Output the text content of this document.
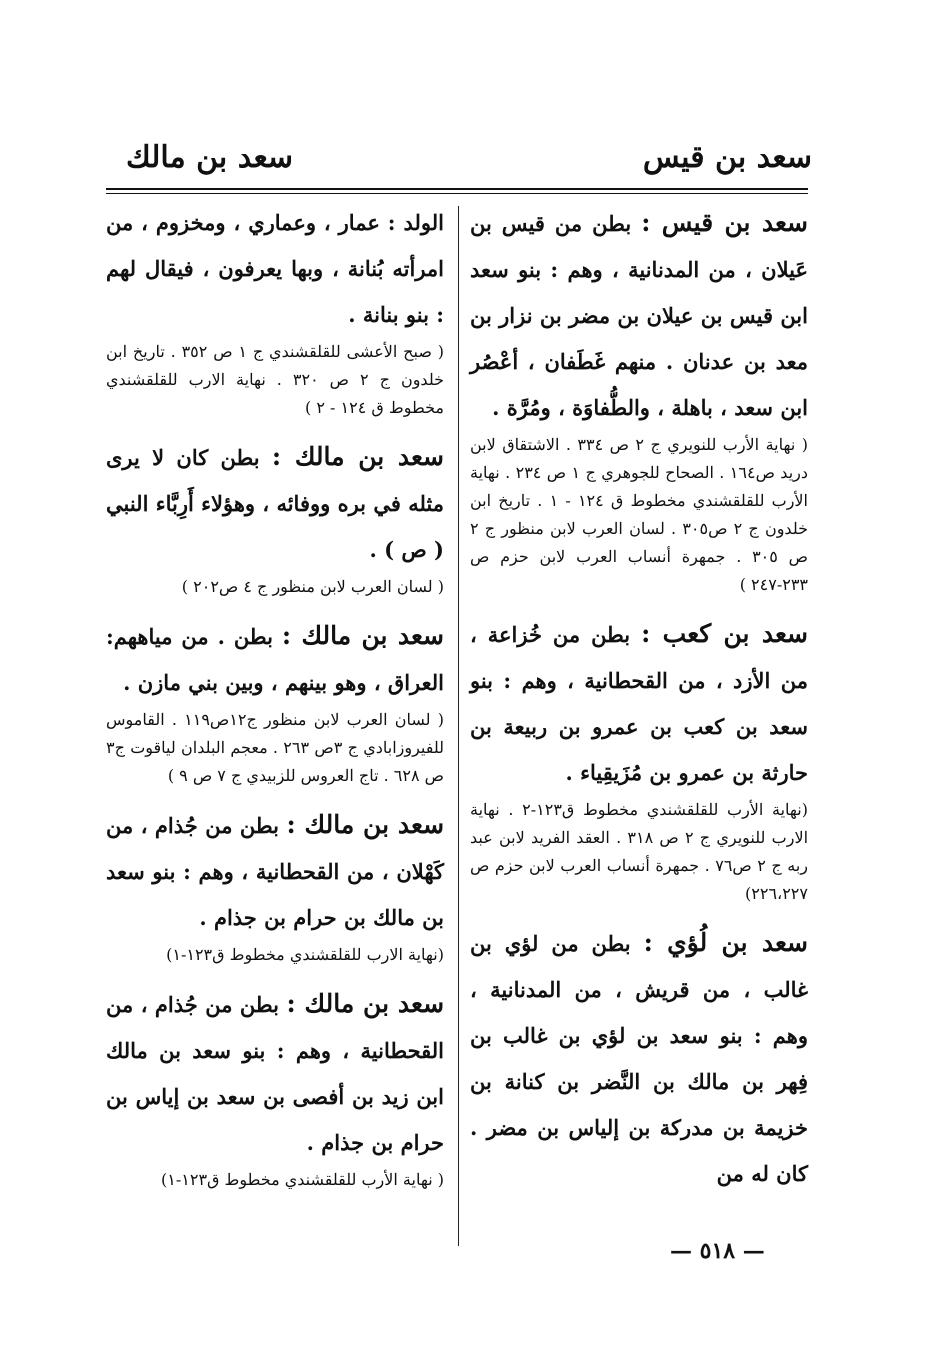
سعد بن قيس
سعد بن مالك
سعد بن قيس : بطن من قيس بن عَيلان ، من المدنانية ، وهم : بنو سعد ابن قيس بن عيلان بن مضر بن نزار بن معد بن عدنان . منهم غَطَفان ، أعْصُر ابن سعد ، باهلة ، والطُّفاوَة ، ومُرَّة .
( نهاية الأرب للنويري ج ٢ ص ٣٣٤ . الاشتقاق لابن دريد ص١٦٤ . الصحاح للجوهري ج ١ ص ٢٣٤ . نهاية الأرب للقلقشندي مخطوط ق ١٢٤ - ١ . تاريخ ابن خلدون ج ٢ ص٣٠٥ . لسان العرب لابن منظور ج ٢ ص ٣٠٥ . جمهرة أنساب العرب لابن حزم ص ٢٣٣-٢٤٧ )
سعد بن كعب : بطن من خُزاعة ، من الأزد ، من القحطانية ، وهم : بنو سعد بن كعب بن عمرو بن ربيعة بن حارثة بن عمرو بن مُزَيقِياء .
(نهاية الأرب للقلقشندي مخطوط ق١٢٣-٢ . نهاية الارب للنويري ج ٢ ص ٣١٨ . العقد الفريد لابن عبد ربه ج ٢ ص٧٦ . جمهرة أنساب العرب لابن حزم ص ٢٢٦،٢٢٧)
سعد بن لُؤي : بطن من لؤي بن غالب ، من قريش ، من المدنانية ، وهم : بنو سعد بن لؤي بن غالب بن فِهر بن مالك بن النَّضر بن كنانة بن خزيمة بن مدركة بن إلياس بن مضر . كان له من
الولد : عمار ، وعماري ، ومخزوم ، من امرأته بُنانة ، وبها يعرفون ، فيقال لهم : بنو بنانة .
( صبح الأعشى للقلقشندي ج ١ ص ٣٥٢ . تاريخ ابن خلدون ج ٢ ص ٣٢٠ . نهاية الارب للقلقشندي مخطوط ق ١٢٤ - ٢ )
سعد بن مالك : بطن كان لا يرى مثله في بره ووفائه ، وهؤلاء أَرِبَّاء النبي ( ص ) .
( لسان العرب لابن منظور ج ٤ ص٢٠٢ )
سعد بن مالك : بطن . من مياههم: العراق ، وهو بينهم ، وبين بني مازن .
( لسان العرب لابن منظور ج١٢ص١١٩ . القاموس للفيروزابادي ج ٣ص ٢٦٣ . معجم البلدان لياقوت ج٣ ص ٦٢٨ . تاج العروس للزبيدي ج ٧ ص ٩ )
سعد بن مالك : بطن من جُذام ، من كَهْلان ، من القحطانية ، وهم : بنو سعد بن مالك بن حرام بن جذام .
(نهاية الارب للقلقشندي مخطوط ق١٢٣-١)
سعد بن مالك : بطن من جُذام ، من القحطانية ، وهم : بنو سعد بن مالك ابن زيد بن أفصى بن سعد بن إياس بن حرام بن جذام .
( نهاية الأرب للقلقشندي مخطوط ق١٢٣-١)
— ٥١٨ —
